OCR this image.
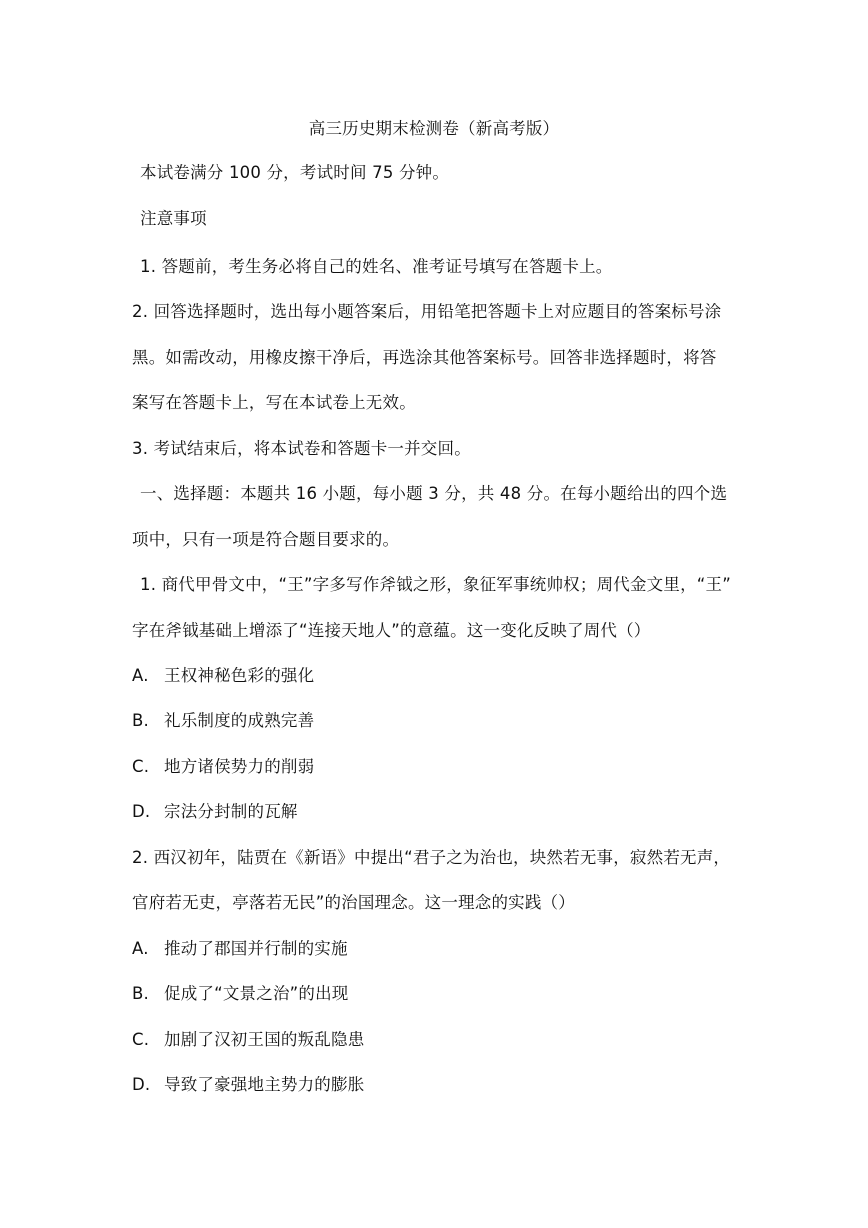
高三历史期末检测卷（新高考版）
本试卷满分 100 分，考试时间 75 分钟。
注意事项
1. 答题前，考生务必将自己的姓名、准考证号填写在答题卡上。
2. 回答选择题时，选出每小题答案后，用铅笔把答题卡上对应题目的答案标号涂
黑。如需改动，用橡皮擦干净后，再选涂其他答案标号。回答非选择题时，将答
案写在答题卡上，写在本试卷上无效。
3. 考试结束后，将本试卷和答题卡一并交回。
一、选择题：本题共 16 小题，每小题 3 分，共 48 分。在每小题给出的四个选
项中，只有一项是符合题目要求的。
1. 商代甲骨文中，“王”字多写作斧钺之形，象征军事统帅权；周代金文里，“王”
字在斧钺基础上增添了“连接天地人”的意蕴。这一变化反映了周代（）
A. 王权神秘色彩的强化
B. 礼乐制度的成熟完善
C. 地方诸侯势力的削弱
D. 宗法分封制的瓦解
2. 西汉初年，陆贾在《新语》中提出“君子之为治也，块然若无事，寂然若无声，
官府若无吏，亭落若无民”的治国理念。这一理念的实践（）
A. 推动了郡国并行制的实施
B. 促成了“文景之治”的出现
C. 加剧了汉初王国的叛乱隐患
D. 导致了豪强地主势力的膨胀
